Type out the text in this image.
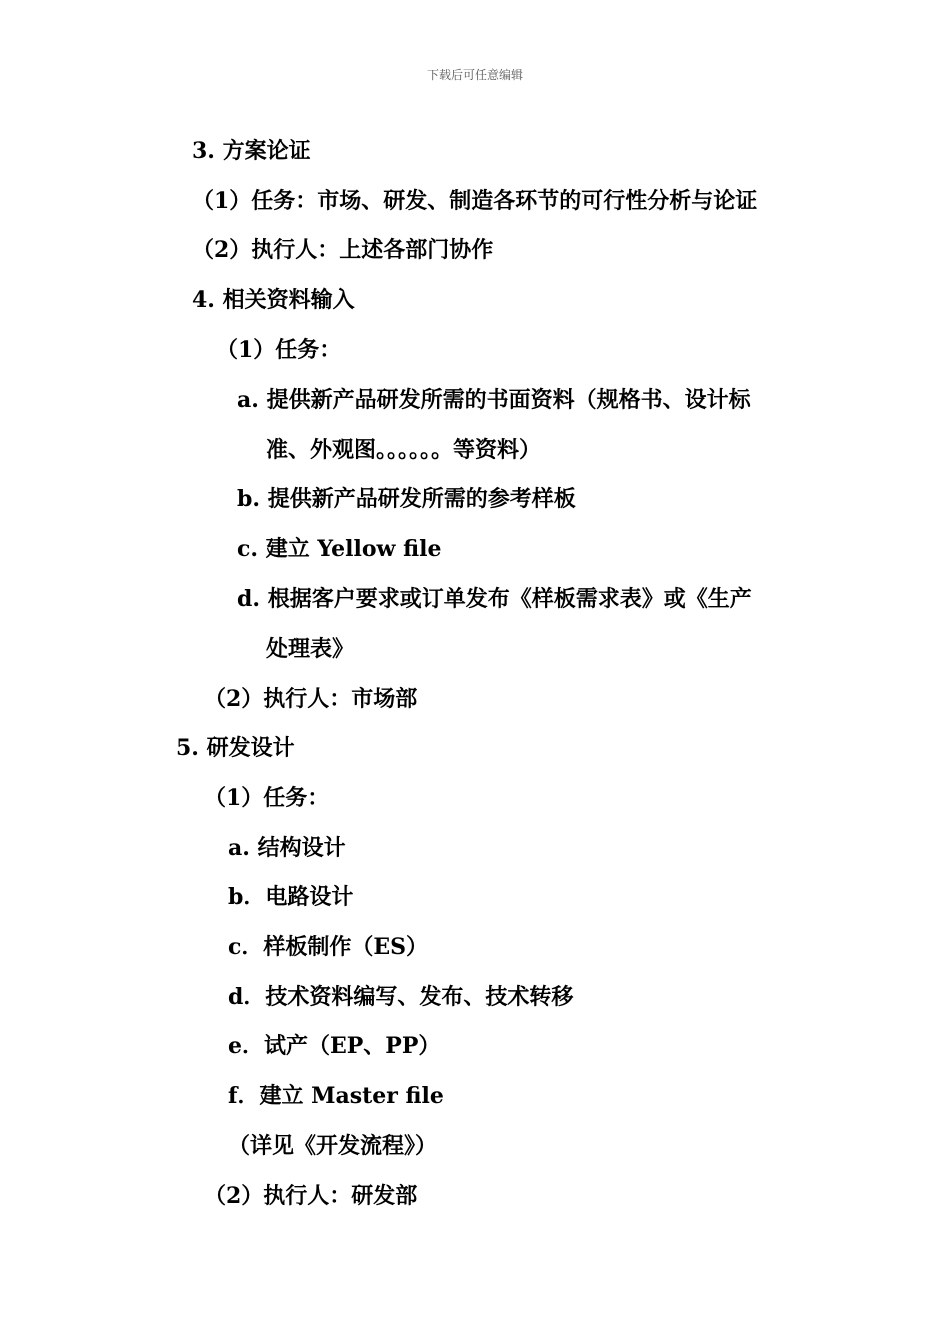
下载后可任意编辑
3. 方案论证
（1）任务：市场、研发、制造各环节的可行性分析与论证
（2）执行人：上述各部门协作
4. 相关资料输入
（1）任务：
a. 提供新产品研发所需的书面资料（规格书、设计标
准、外观图。。。。。。等资料）
b. 提供新产品研发所需的参考样板
c. 建立 Yellow file
d. 根据客户要求或订单发布《样板需求表》或《生产
处理表》
（2）执行人：市场部
5. 研发设计
（1）任务：
a. 结构设计
b．电路设计
c．样板制作（ES）
d．技术资料编写、发布、技术转移
e．试产（EP、PP）
f．建立 Master file
（详见《开发流程》）
（2）执行人：研发部
